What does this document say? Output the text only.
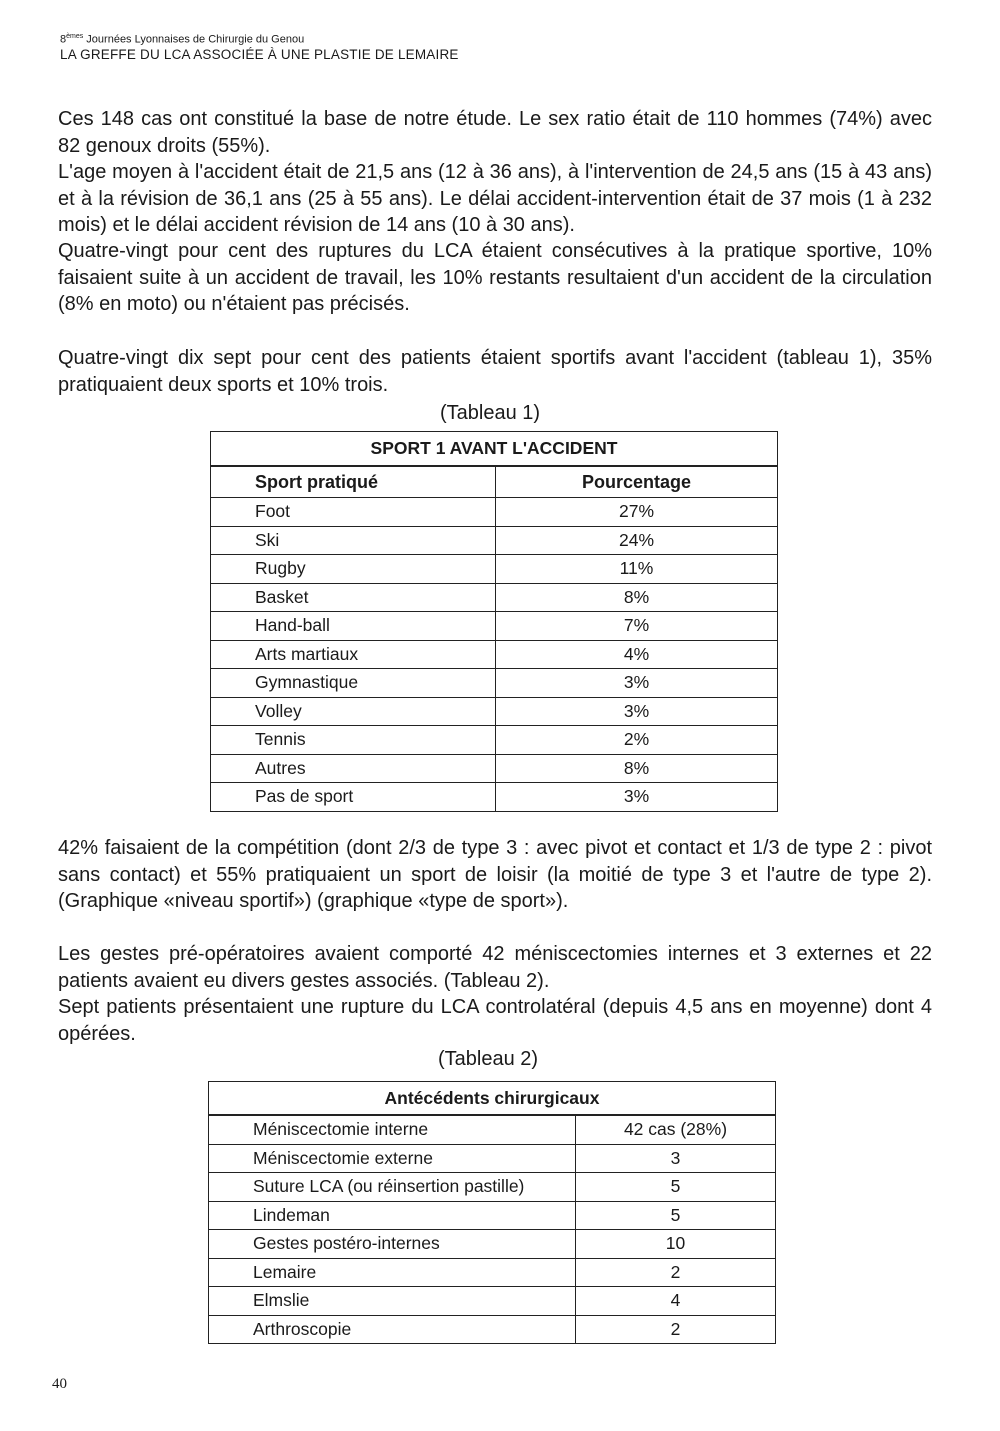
8èmes Journées Lyonnaises de Chirurgie du Genou
LA GREFFE DU LCA ASSOCIÉE À UNE PLASTIE DE LEMAIRE

Ces 148 cas ont constitué la base de notre étude. Le sex ratio était de 110 hommes (74%) avec 82 genoux droits (55%).

L'age moyen à l'accident était de 21,5 ans (12 à 36 ans), à l'intervention de 24,5 ans (15 à 43 ans) et à la révision de 36,1 ans (25 à 55 ans). Le délai accident-intervention était de 37 mois (1 à 232 mois) et le délai accident révision de 14 ans (10 à 30 ans).

Quatre-vingt pour cent des ruptures du LCA étaient consécutives à la pratique sportive, 10% faisaient suite à un accident de travail, les 10% restants resultaient d'un accident de la circulation (8% en moto) ou n'étaient pas précisés.

Quatre-vingt dix sept pour cent des patients étaient sportifs avant l'accident (tableau 1), 35% pratiquaient deux sports et 10% trois.

(Tableau 1)
SPORT 1 AVANT L'ACCIDENT	
Sport pratiqué	Pourcentage
Foot	27%
Ski	24%
Rugby	11%
Basket	8%
Hand-ball	7%
Arts martiaux	4%
Gymnastique	3%
Volley	3%
Tennis	2%
Autres	8%
Pas de sport	3%

42% faisaient de la compétition (dont 2/3 de type 3 : avec pivot et contact et 1/3 de type 2 : pivot sans contact) et 55% pratiquaient un sport de loisir (la moitié de type 3 et l'autre de type 2). (Graphique «niveau sportif») (graphique «type de sport»).

Les gestes pré-opératoires avaient comporté 42 méniscectomies internes et 3 externes et 22 patients avaient eu divers gestes associés. (Tableau 2).

Sept patients présentaient une rupture du LCA controlatéral (depuis 4,5 ans en moyenne) dont 4 opérées.

(Tableau 2)
Antécédents chirurgicaux	
Méniscectomie interne	42 cas (28%)
Méniscectomie externe	3
Suture LCA (ou réinsertion pastille)	5
Lindeman	5
Gestes postéro-internes	10
Lemaire	2
Elmslie	4
Arthroscopie	2
40
